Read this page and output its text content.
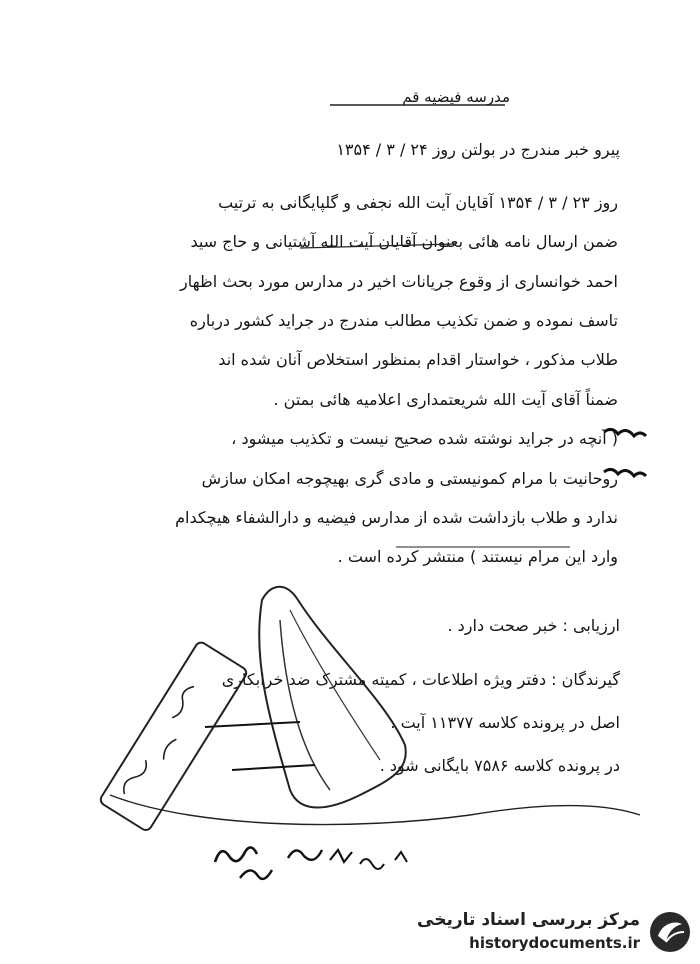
مدرسه فیضیه قم
پیرو خبر مندرج در بولتن روز ۲۴ / ۳ / ۱۳۵۴
روز ۲۳ / ۳ / ۱۳۵۴ آقایان آیت الله نجفی و گلپایگانی به ترتیب
ضمن ارسال نامه هائی بعنوان آقایان آیت الله آشتیانی و حاج سید
احمد خوانساری از وقوع جریانات اخیر در مدارس مورد بحث اظهار
تاسف نموده و ضمن تکذیب مطالب مندرج در جراید کشور درباره
طلاب مذکور ، خواستار اقدام بمنظور استخلاص آنان شده اند
ضمناً آقای آیت الله شریعتمداری اعلامیه هائی بمتن .
( آنچه در جراید نوشته شده صحیح نیست و تکذیب میشود ،
روحانیت با مرام کمونیستی و مادی گری بهیچوجه امکان سازش
ندارد و طلاب بازداشت شده از مدارس فیضیه و دارالشفاء هیچکدام
وارد این مرام نیستند ) منتشر کرده است .
ارزیابی : خبر صحت دارد .
گیرندگان : دفتر ویژه اطلاعات ، کمیته مشترک ضد خرابکاری
اصل در پرونده کلاسه ۱۱۳۷۷ آیت .
در پرونده کلاسه ۷۵۸۶ بایگانی شود .
مرکز بررسی اسناد تاریخی
historydocuments.ir
